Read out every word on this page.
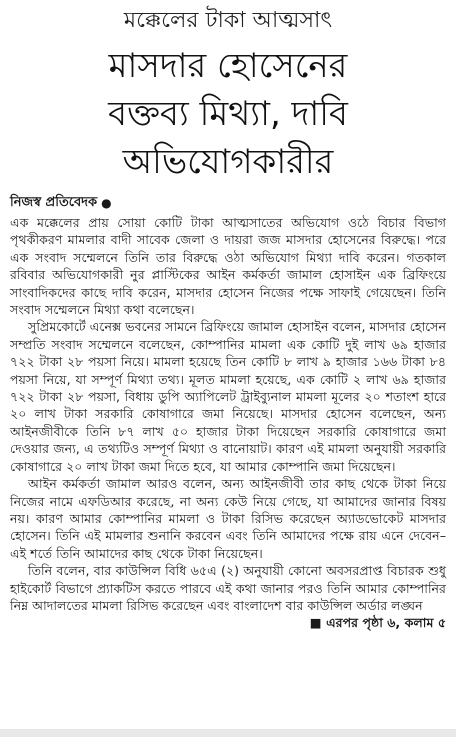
মক্কেলের টাকা আত্মসাৎ
মাসদার হোসেনের
বক্তব্য মিথ্যা, দাবি
অভিযোগকারীর
নিজস্ব প্রতিবেদক ●

এক মক্কেলের প্রায় সোয়া কোটি টাকা আত্মসাতের অভিযোগ ওঠে বিচার বিভাগ পৃথকীকরণ মামলার বাদী সাবেক জেলা ও দায়রা জজ মাসদার হোসেনের বিরুদ্ধে। পরে এক সংবাদ সম্মেলনে তিনি তার বিরুদ্ধে ওঠা অভিযোগ মিথ্যা দাবি করেন। গতকাল রবিবার অভিযোগকারী নুর প্লাস্টিকের আইন কর্মকর্তা জামাল হোসাইন এক ব্রিফিংয়ে সাংবাদিকদের কাছে দাবি করেন, মাসদার হোসেন নিজের পক্ষে সাফাই গেয়েছেন। তিনি সংবাদ সম্মেলনে মিথ্যা কথা বলেছেন।

সুপ্রিমকোর্টে এনেক্স ভবনের সামনে ব্রিফিংয়ে জামাল হোসাইন বলেন, মাসদার হোসেন সম্প্রতি সংবাদ সম্মেলনে বলেছেন, কোম্পানির মামলা এক কোটি দুই লাখ ৬৯ হাজার ৭২২ টাকা ২৮ পয়সা নিয়ে। মামলা হয়েছে তিন কোটি ৮ লাখ ৯ হাজার ১৬৬ টাকা ৮৪ পয়সা নিয়ে, যা সম্পূর্ণ মিথ্যা তথ্য। মূলত মামলা হয়েছে, এক কোটি ২ লাখ ৬৯ হাজার ৭২২ টাকা ২৮ পয়সা, বিধায় ডুপি অ্যাপিলেট ট্রাইব্যুনাল মামলা মূলের ২০ শতাংশ হারে ২০ লাখ টাকা সরকারি কোষাগারে জমা নিয়েছে। মাসদার হোসেন বলেছেন, অন্য আইনজীবীকে তিনি ৮৭ লাখ ৫০ হাজার টাকা দিয়েছেন সরকারি কোষাগারে জমা দেওয়ার জন্য, এ তথ্যটিও সম্পূর্ণ মিথ্যা ও বানোয়াট। কারণ এই মামলা অনুযায়ী সরকারি কোষাগারে ২০ লাখ টাকা জমা দিতে হবে, যা আমার কোম্পানি জমা দিয়েছেন।

আইন কর্মকর্তা জামাল আরও বলেন, অন্য আইনজীবী তার কাছ থেকে টাকা নিয়ে নিজের নামে এফডিআর করেছে, না অন্য কেউ নিয়ে গেছে, যা আমাদের জানার বিষয় নয়। কারণ আমার কোম্পানির মামলা ও টাকা রিসিভ করেছেন অ্যাডভোকেট মাসদার হোসেন। তিনি এই মামলার শুনানি করবেন এবং তিনি আমাদের পক্ষে রায় এনে দেবেন– এই শর্তে তিনি আমাদের কাছ থেকে টাকা নিয়েছেন।

তিনি বলেন, বার কাউন্সিল বিধি ৬৫এ (২) অনুযায়ী কোনো অবসরপ্রাপ্ত বিচারক শুধু হাইকোর্ট বিভাগে প্র্যাকটিস করতে পারবে এই কথা জানার পরও তিনি আমার কোম্পানির নিম্ন আদালতের মামলা রিসিভ করেছেন এবং বাংলাদেশ বার কাউন্সিল অর্ডার লঙ্ঘন

■ এরপর পৃষ্ঠা ৬, কলাম ৫
